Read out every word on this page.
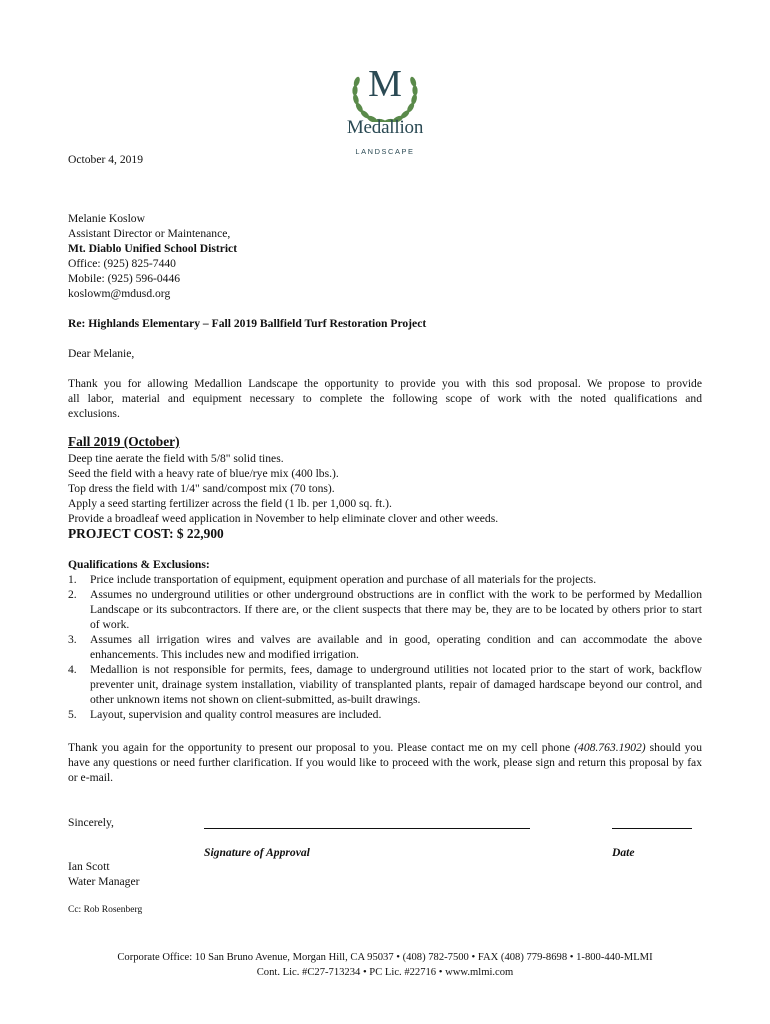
M
Medallion
LANDSCAPE
October 4, 2019
Melanie Koslow
Assistant Director or Maintenance,
Mt. Diablo Unified School District
Office: (925) 825-7440
Mobile: (925) 596-0446
koslowm@mdusd.org
Re: Highlands Elementary – Fall 2019 Ballfield Turf Restoration Project
Dear Melanie,
Thank you for allowing Medallion Landscape the opportunity to provide you with this sod proposal. We propose to provide
all labor, material and equipment necessary to complete the following scope of work with the noted qualifications and
exclusions.
Fall 2019 (October)
Deep tine aerate the field with 5/8" solid tines.
Seed the field with a heavy rate of blue/rye mix (400 lbs.).
Top dress the field with 1/4" sand/compost mix (70 tons).
Apply a seed starting fertilizer across the field (1 lb. per 1,000 sq. ft.).
Provide a broadleaf weed application in November to help eliminate clover and other weeds.
PROJECT COST: $ 22,900
Qualifications & Exclusions:
1. Price include transportation of equipment, equipment operation and purchase of all materials for the projects.
2. Assumes no underground utilities or other underground obstructions are in conflict with the work to be performed by Medallion Landscape or its subcontractors. If there are, or the client suspects that there may be, they are to be located by others prior to start of work.
3. Assumes all irrigation wires and valves are available and in good, operating condition and can accommodate the above enhancements. This includes new and modified irrigation.
4. Medallion is not responsible for permits, fees, damage to underground utilities not located prior to the start of work, backflow preventer unit, drainage system installation, viability of transplanted plants, repair of damaged hardscape beyond our control, and other unknown items not shown on client-submitted, as-built drawings.
5. Layout, supervision and quality control measures are included.
Thank you again for the opportunity to present our proposal to you. Please contact me on my cell phone (408.763.1902) should you have any questions or need further clarification. If you would like to proceed with the work, please sign and return this proposal by fax or e-mail.
Sincerely,
Signature of Approval	Date
Ian Scott
Water Manager
Cc: Rob Rosenberg
Corporate Office: 10 San Bruno Avenue, Morgan Hill, CA 95037 • (408) 782-7500 • FAX (408) 779-8698 • 1-800-440-MLMI
Cont. Lic. #C27-713234 • PC Lic. #22716 • www.mlmi.com
